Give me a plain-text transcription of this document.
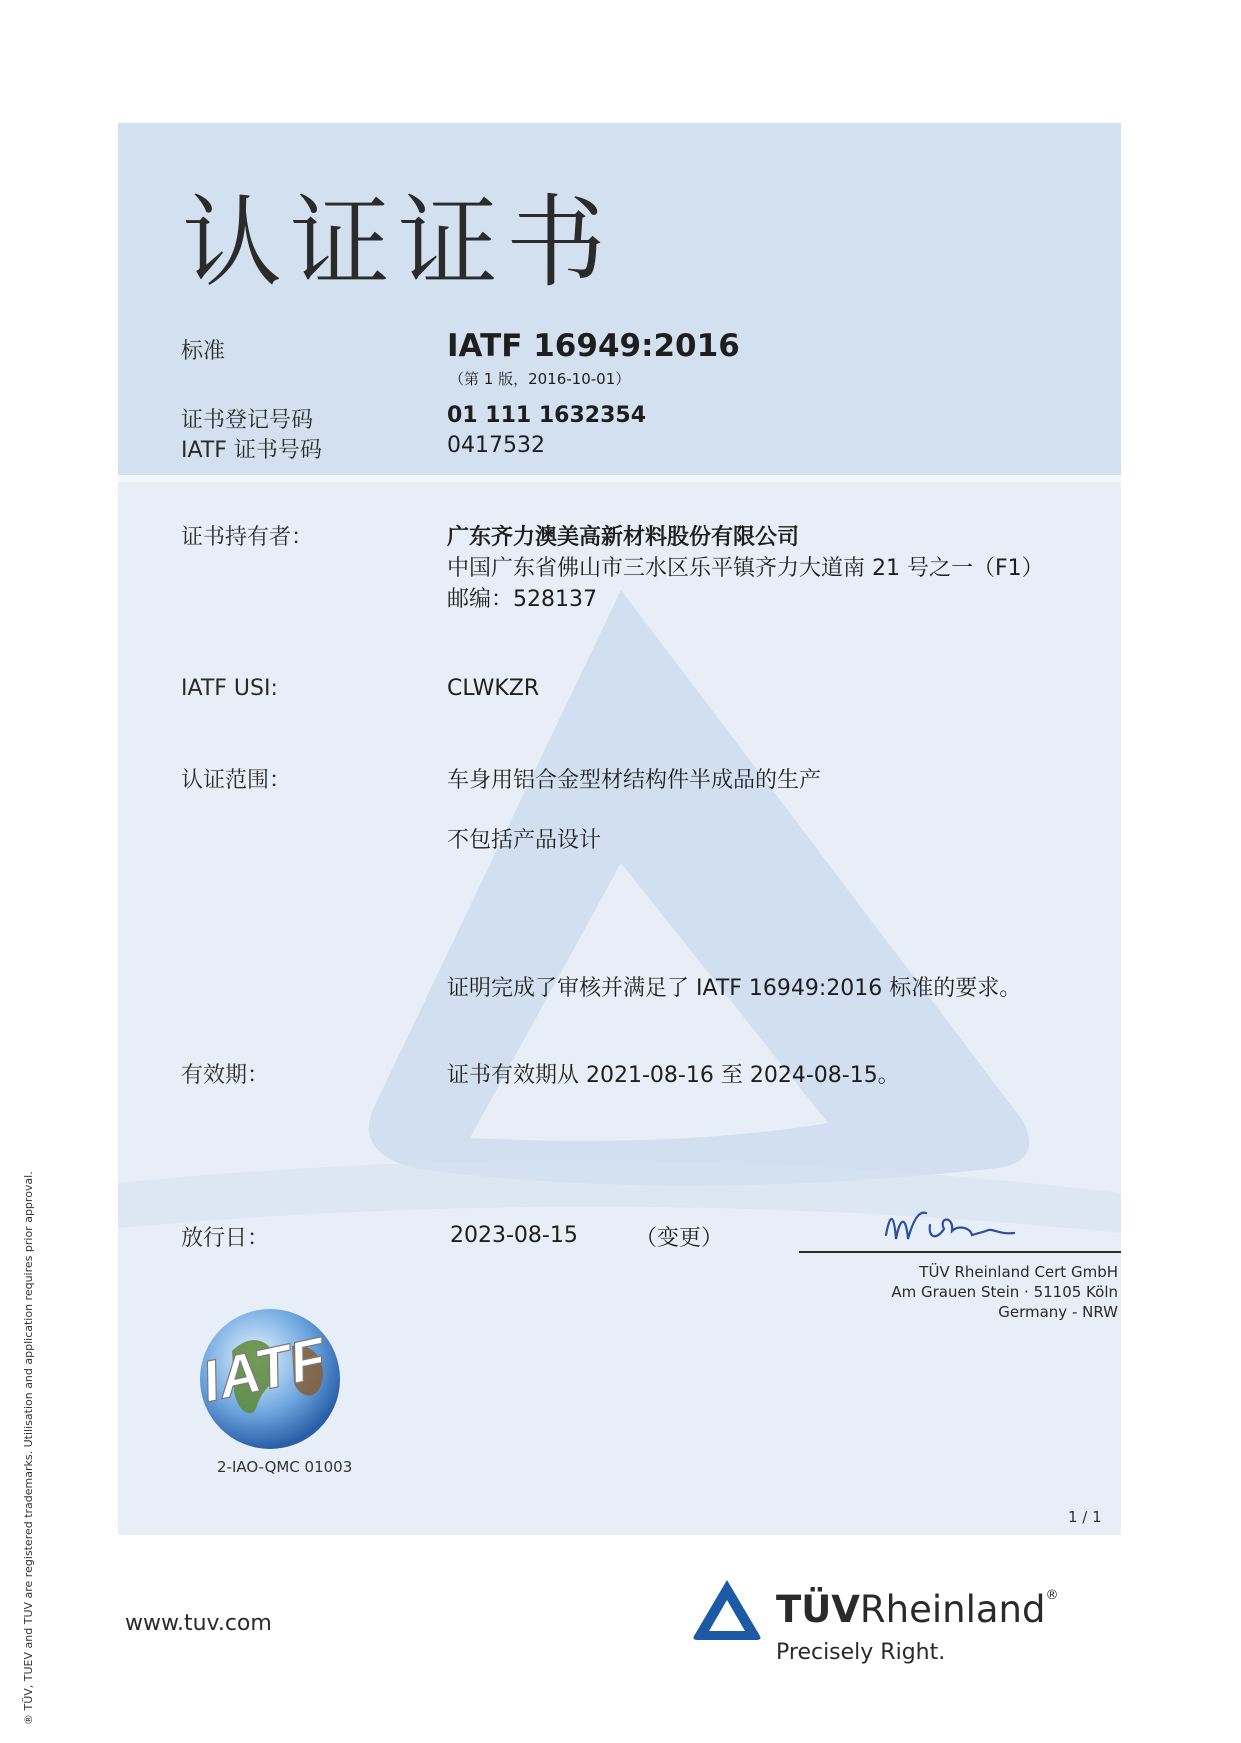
认证证书
标准	IATF 16949:2016
（第 1 版，2016-10-01）
证书登记号码	01 111 1632354
IATF 证书号码	0417532
证书持有者：	广东齐力澳美高新材料股份有限公司
中国广东省佛山市三水区乐平镇齐力大道南 21 号之一（F1）
邮编：528137
IATF USI:	CLWKZR
认证范围：	车身用铝合金型材结构件半成品的生产
不包括产品设计
证明完成了审核并满足了 IATF 16949:2016 标准的要求。
有效期：	证书有效期从 2021-08-16 至 2024-08-15。
放行日：	2023-08-15	（变更）
TÜV Rheinland Cert GmbH
Am Grauen Stein · 51105 Köln
Germany - NRW
IATF
2-IAO-QMC 01003
1 / 1
www.tuv.com	TÜVRheinland®
Precisely Right.
® TÜV, TUEV and TUV are registered trademarks. Utilisation and application requires prior approval.
